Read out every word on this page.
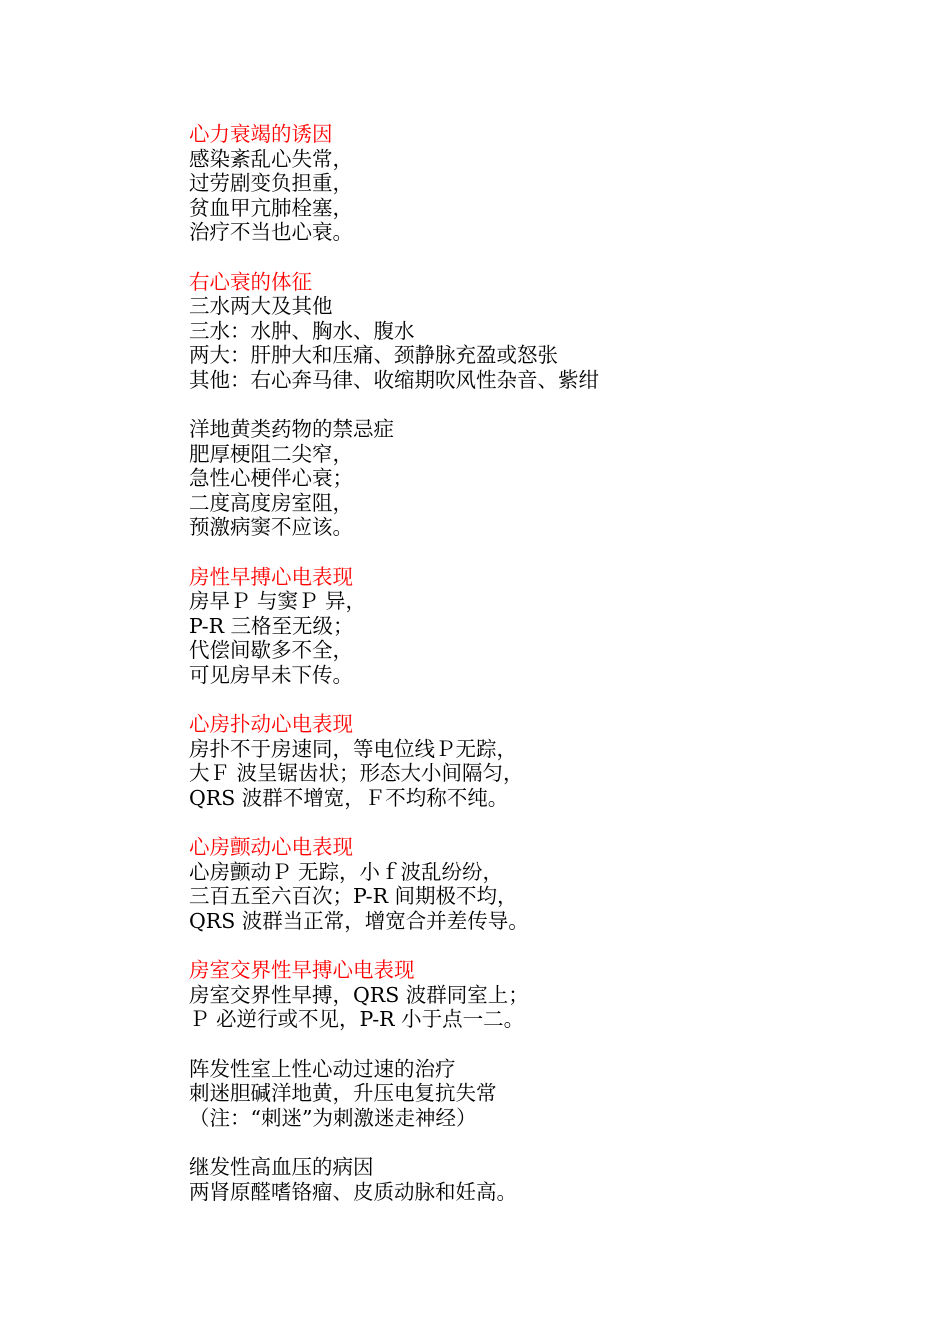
心力衰竭的诱因
感染紊乱心失常，
过劳剧变负担重，
贫血甲亢肺栓塞，
治疗不当也心衰。
右心衰的体征
三水两大及其他
三水：水肿、胸水、腹水
两大：肝肿大和压痛、颈静脉充盈或怒张
其他：右心奔马律、收缩期吹风性杂音、紫绀
洋地黄类药物的禁忌症
肥厚梗阻二尖窄，
急性心梗伴心衰；
二度高度房室阻，
预激病窦不应该。
房性早搏心电表现
房早Ｐ 与窦Ｐ 异，
P-R 三格至无级；
代偿间歇多不全，
可见房早未下传。
心房扑动心电表现
房扑不于房速同，等电位线Ｐ无踪，
大Ｆ 波呈锯齿状；形态大小间隔匀，
QRS 波群不增宽，Ｆ不均称不纯。
心房颤动心电表现
心房颤动Ｐ 无踪，小ｆ波乱纷纷，
三百五至六百次；P-R 间期极不均，
QRS 波群当正常，增宽合并差传导。
房室交界性早搏心电表现
房室交界性早搏，QRS 波群同室上；
Ｐ 必逆行或不见，P-R 小于点一二。
阵发性室上性心动过速的治疗
刺迷胆碱洋地黄，升压电复抗失常
（注：“刺迷”为刺激迷走神经）
继发性高血压的病因
两肾原醛嗜铬瘤、皮质动脉和妊高。
